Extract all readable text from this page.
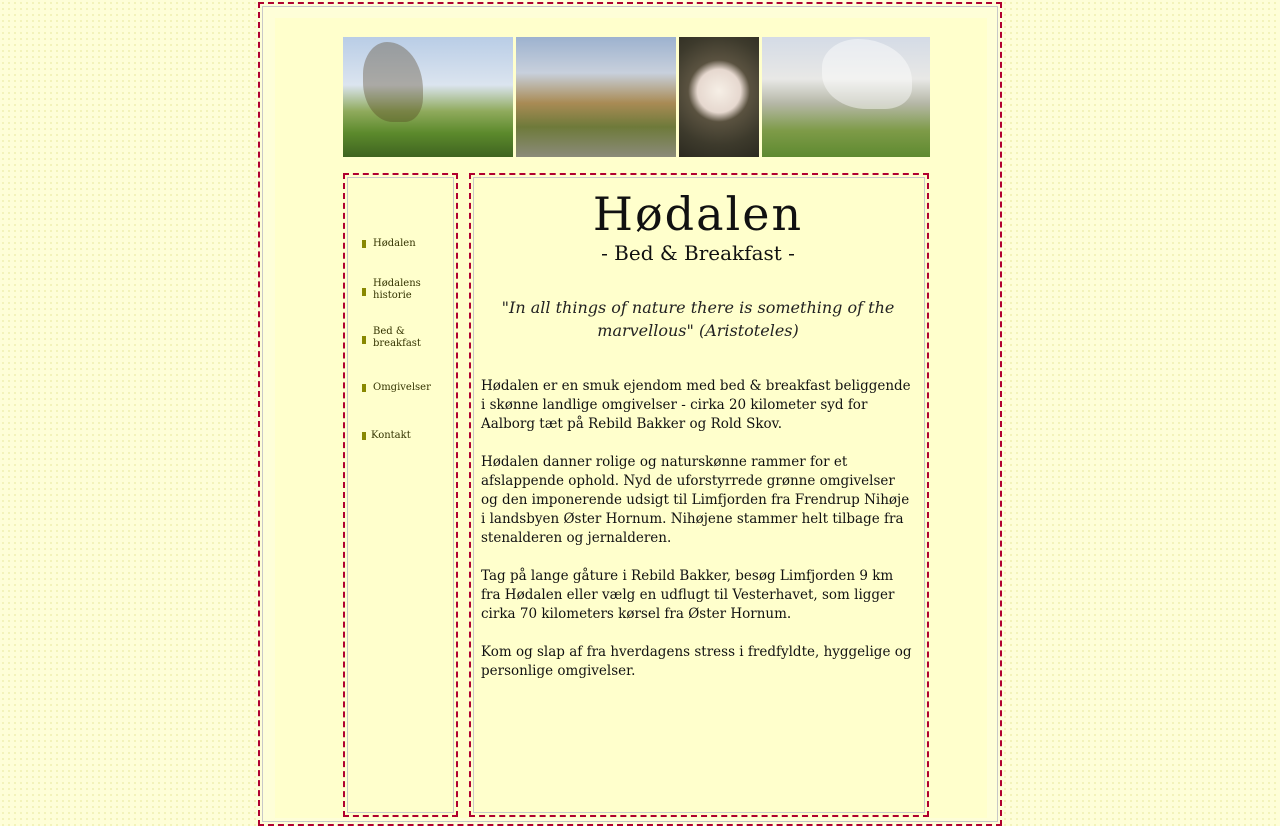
Hødalen
Hødalens historie
Bed & breakfast
Omgivelser
Kontakt
Hødalen
- Bed & Breakfast -
"In all things of nature there is something of the marvellous" (Aristoteles)

Hødalen er en smuk ejendom med bed & breakfast beliggende i skønne landlige omgivelser - cirka 20 kilometer syd for Aalborg tæt på Rebild Bakker og Rold Skov.

Hødalen danner rolige og naturskønne rammer for et afslappende ophold. Nyd de uforstyrrede grønne omgivelser og den imponerende udsigt til Limfjorden fra Frendrup Nihøje i landsbyen Øster Hornum. Nihøjene stammer helt tilbage fra stenalderen og jernalderen.

Tag på lange gåture i Rebild Bakker, besøg Limfjorden 9 km fra Hødalen eller vælg en udflugt til Vesterhavet, som ligger cirka 70 kilometers kørsel fra Øster Hornum.

Kom og slap af fra hverdagens stress i fredfyldte, hyggelige og personlige omgivelser.
